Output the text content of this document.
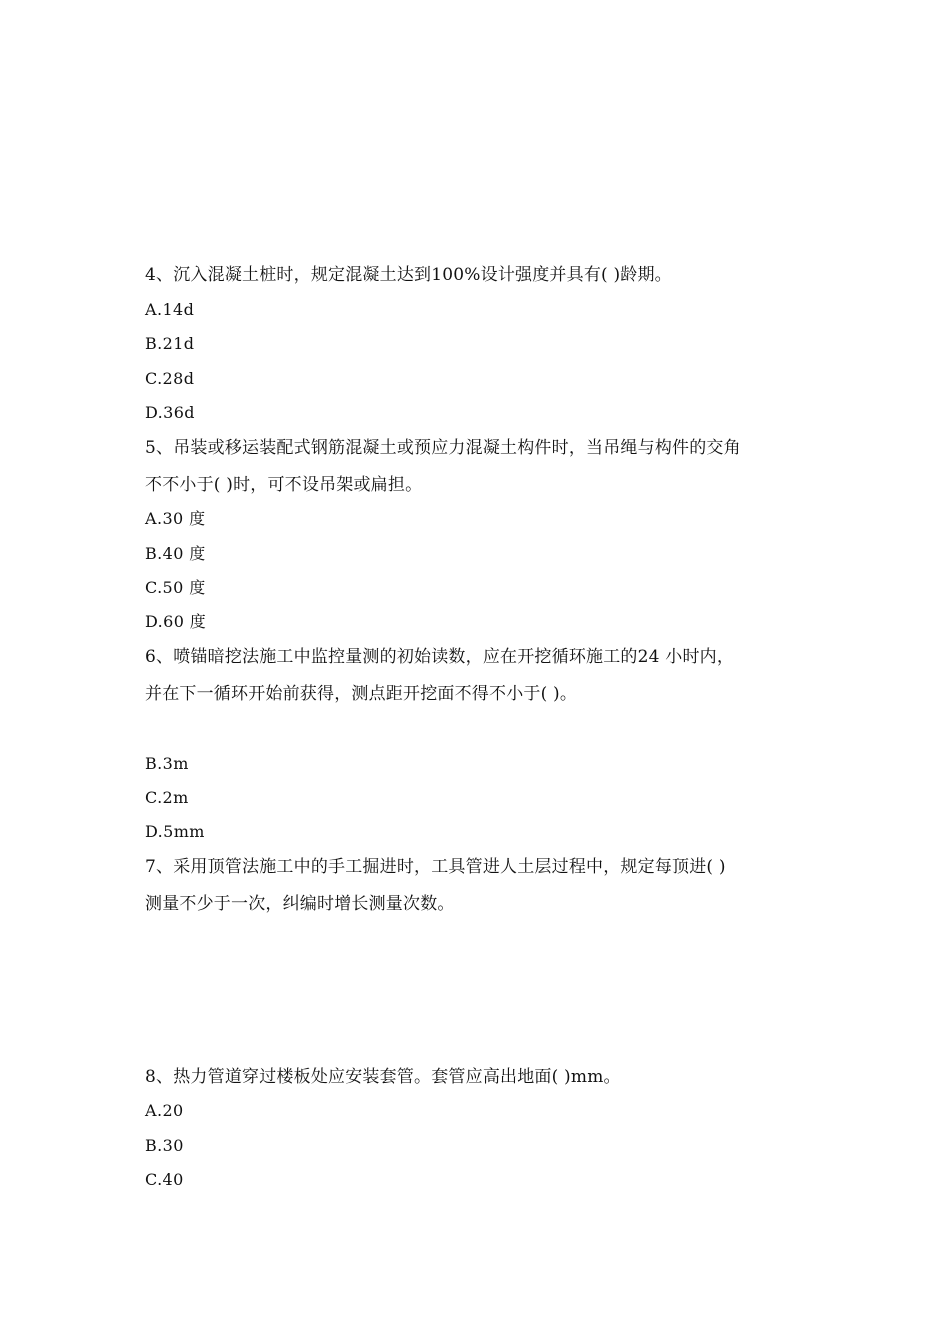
4、沉入混凝土桩时，规定混凝土达到100%设计强度并具有( )龄期。
A.14d
B.21d
C.28d
D.36d
5、吊装或移运装配式钢筋混凝土或预应力混凝土构件时，当吊绳与构件的交角
不不小于( )时，可不设吊架或扁担。
A.30 度
B.40 度
C.50 度
D.60 度
6、喷锚暗挖法施工中监控量测的初始读数，应在开挖循环施工的24 小时内，
并在下一循环开始前获得，测点距开挖面不得不小于( )。
B.3m
C.2m
D.5mm
7、采用顶管法施工中的手工掘进时，工具管进人土层过程中，规定每顶进( )
测量不少于一次，纠编时增长测量次数。
8、热力管道穿过楼板处应安装套管。套管应高出地面( )mm。
A.20
B.30
C.40
